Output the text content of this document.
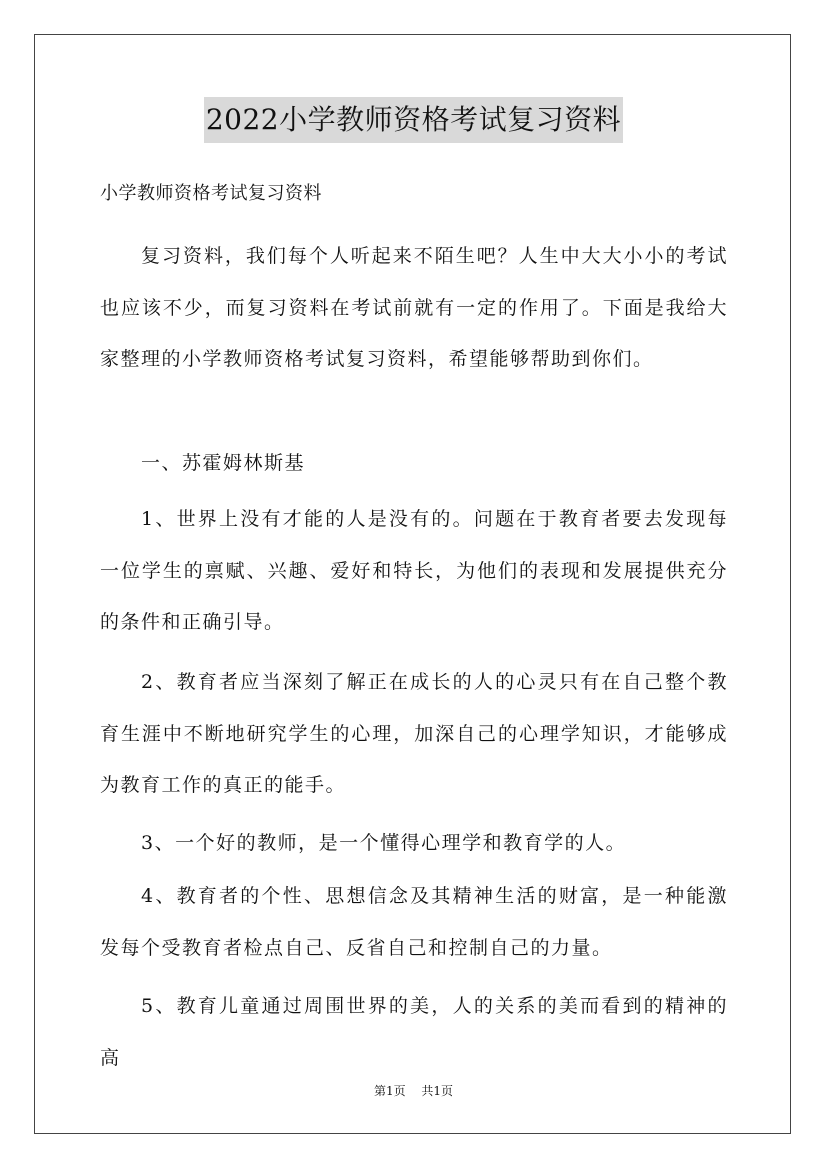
2022小学教师资格考试复习资料
小学教师资格考试复习资料

复习资料，我们每个人听起来不陌生吧？人生中大大小小的考试也应该不少，而复习资料在考试前就有一定的作用了。下面是我给大家整理的小学教师资格考试复习资料，希望能够帮助到你们。

一、苏霍姆林斯基

1、世界上没有才能的人是没有的。问题在于教育者要去发现每一位学生的禀赋、兴趣、爱好和特长，为他们的表现和发展提供充分的条件和正确引导。

2、教育者应当深刻了解正在成长的人的心灵只有在自己整个教育生涯中不断地研究学生的心理，加深自己的心理学知识，才能够成为教育工作的真正的能手。

3、一个好的教师，是一个懂得心理学和教育学的人。

4、教育者的个性、思想信念及其精神生活的财富，是一种能激发每个受教育者检点自己、反省自己和控制自己的力量。

5、教育儿童通过周围世界的美，人的关系的美而看到的精神的高

第1页 共1页
